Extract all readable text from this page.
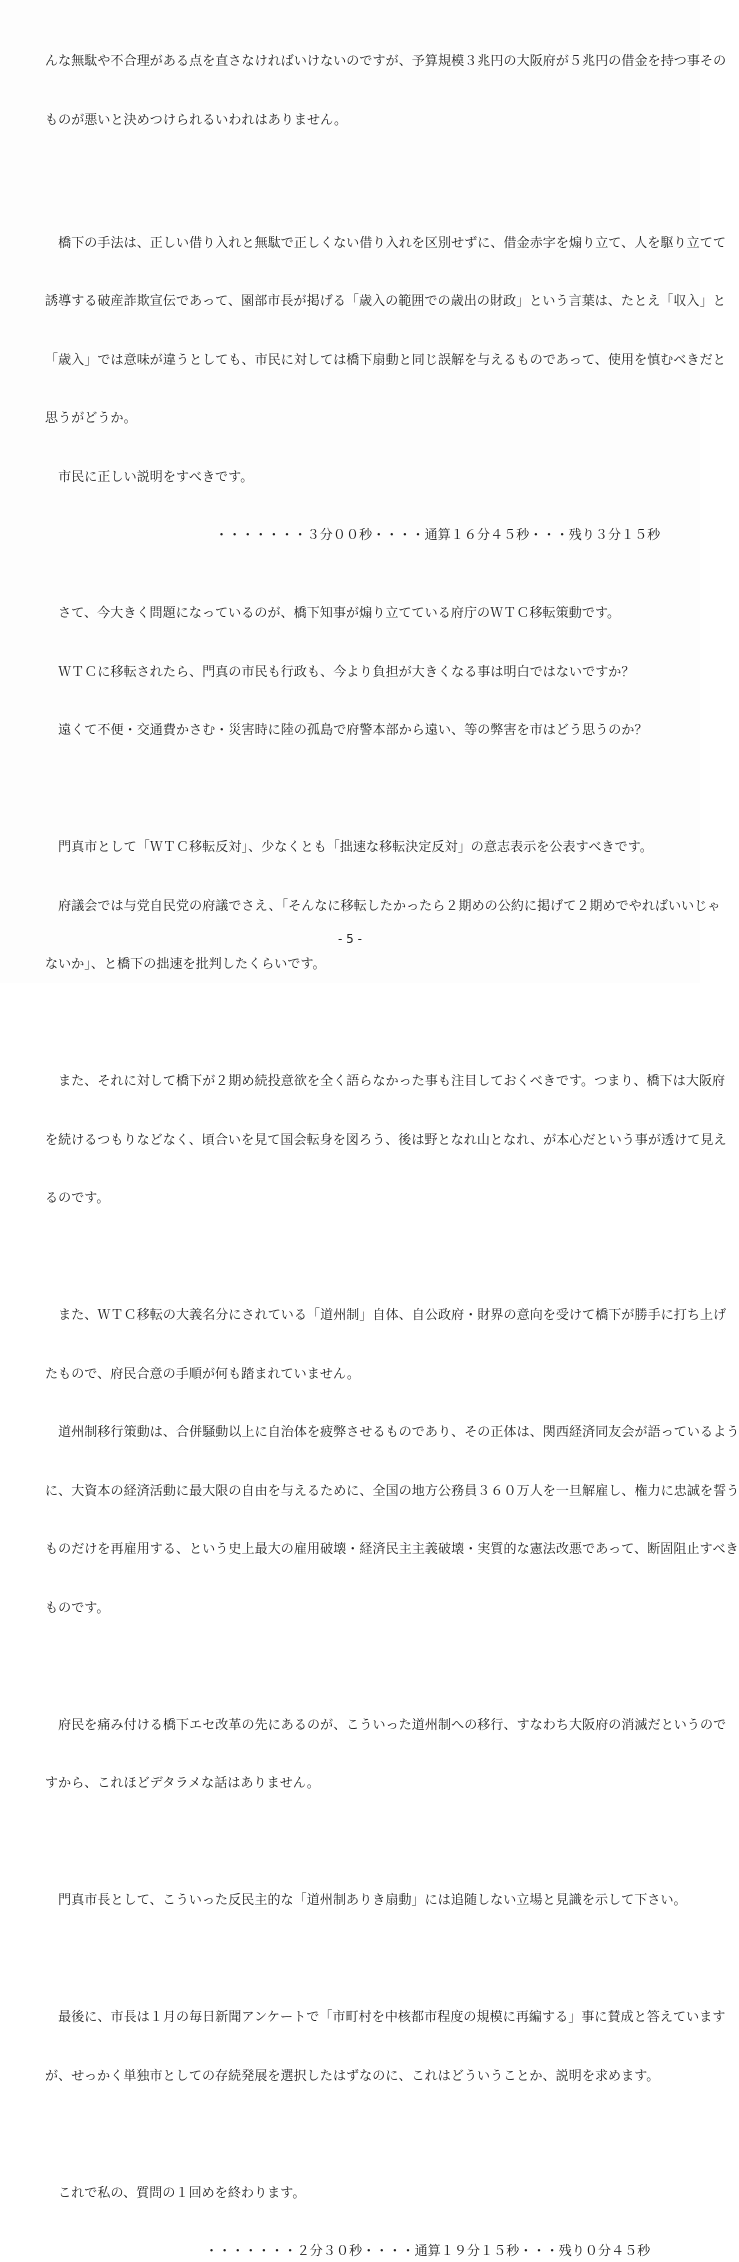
んな無駄や不合理がある点を直さなければいけないのですが、予算規模３兆円の大阪府が５兆円の借金を持つ事その

ものが悪いと決めつけられるいわれはありません。

　橋下の手法は、正しい借り入れと無駄で正しくない借り入れを区別せずに、借金赤字を煽り立て、人を駆り立てて

誘導する破産詐欺宣伝であって、園部市長が掲げる「歳入の範囲での歳出の財政」という言葉は、たとえ「収入」と

「歳入」では意味が違うとしても、市民に対しては橋下扇動と同じ誤解を与えるものであって、使用を慎むべきだと

思うがどうか。

　市民に正しい説明をすべきです。

・・・・・・・３分００秒・・・・通算１６分４５秒・・・残り３分１５秒

　さて、今大きく問題になっているのが、橋下知事が煽り立てている府庁のＷＴＣ移転策動です。

　ＷＴＣに移転されたら、門真の市民も行政も、今より負担が大きくなる事は明白ではないですか？

　遠くて不便・交通費かさむ・災害時に陸の孤島で府警本部から遠い、等の弊害を市はどう思うのか？

　門真市として「ＷＴＣ移転反対」、少なくとも「拙速な移転決定反対」の意志表示を公表すべきです。

　府議会では与党自民党の府議でさえ、「そんなに移転したかったら２期めの公約に掲げて２期めでやればいいじゃ

ないか」、と橋下の拙速を批判したくらいです。

　また、それに対して橋下が２期め続投意欲を全く語らなかった事も注目しておくべきです。つまり、橋下は大阪府

を続けるつもりなどなく、頃合いを見て国会転身を図ろう、後は野となれ山となれ、が本心だという事が透けて見え

るのです。

　また、ＷＴＣ移転の大義名分にされている「道州制」自体、自公政府・財界の意向を受けて橋下が勝手に打ち上げ

たもので、府民合意の手順が何も踏まれていません。

　道州制移行策動は、合併騒動以上に自治体を疲弊させるものであり、その正体は、関西経済同友会が語っているよう

に、大資本の経済活動に最大限の自由を与えるために、全国の地方公務員３６０万人を一旦解雇し、権力に忠誠を誓う

ものだけを再雇用する、という史上最大の雇用破壊・経済民主主義破壊・実質的な憲法改悪であって、断固阻止すべき

ものです。

　府民を痛み付ける橋下エセ改革の先にあるのが、こういった道州制への移行、すなわち大阪府の消滅だというので

すから、これほどデタラメな話はありません。

　門真市長として、こういった反民主的な「道州制ありき扇動」には追随しない立場と見識を示して下さい。

　最後に、市長は１月の毎日新聞アンケートで「市町村を中核都市程度の規模に再編する」事に賛成と答えています

が、せっかく単独市としての存続発展を選択したはずなのに、これはどういうことか、説明を求めます。

　これで私の、質問の１回めを終わります。

・・・・・・・２分３０秒・・・・通算１９分１５秒・・・残り０分４５秒
- 5 -
